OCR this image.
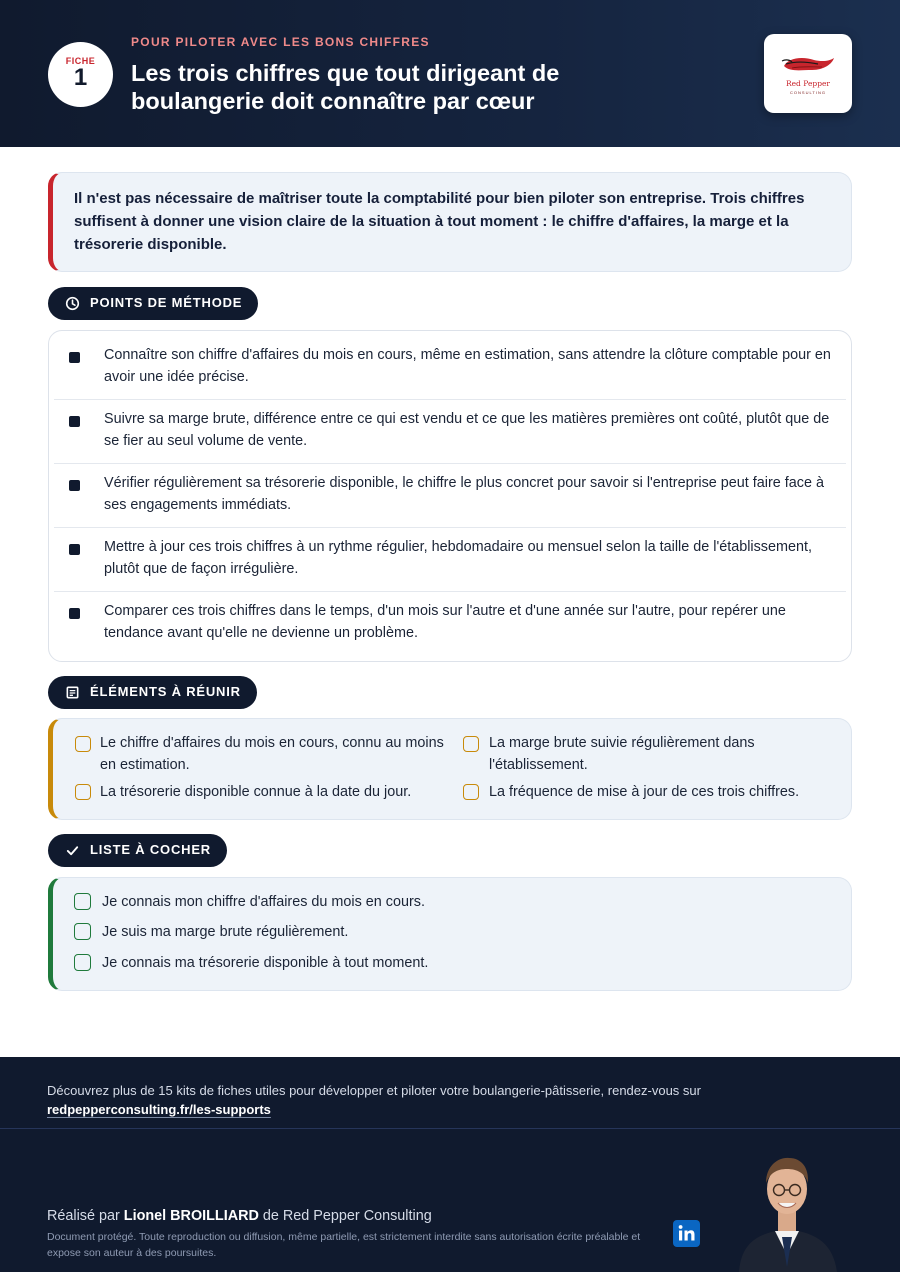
FICHE
1
POUR PILOTER AVEC LES BONS CHIFFRES
Les trois chiffres que tout dirigeant de boulangerie doit connaître par cœur
Red Pepper
CONSULTING

Il n'est pas nécessaire de maîtriser toute la comptabilité pour bien piloter son entreprise. Trois chiffres suffisent à donner une vision claire de la situation à tout moment : le chiffre d'affaires, la marge et la trésorerie disponible.

POINTS DE MÉTHODE
Connaître son chiffre d'affaires du mois en cours, même en estimation, sans attendre la clôture comptable pour en avoir une idée précise.
Suivre sa marge brute, différence entre ce qui est vendu et ce que les matières premières ont coûté, plutôt que de se fier au seul volume de vente.
Vérifier régulièrement sa trésorerie disponible, le chiffre le plus concret pour savoir si l'entreprise peut faire face à ses engagements immédiats.
Mettre à jour ces trois chiffres à un rythme régulier, hebdomadaire ou mensuel selon la taille de l'établissement, plutôt que de façon irrégulière.
Comparer ces trois chiffres dans le temps, d'un mois sur l'autre et d'une année sur l'autre, pour repérer une tendance avant qu'elle ne devienne un problème.
ÉLÉMENTS À RÉUNIR
Le chiffre d'affaires du mois en cours, connu au moins en estimation.
La marge brute suivie régulièrement dans l'établissement.
La trésorerie disponible connue à la date du jour.	La fréquence de mise à jour de ces trois chiffres.
LISTE À COCHER
Je connais mon chiffre d'affaires du mois en cours.
Je suis ma marge brute régulièrement.
Je connais ma trésorerie disponible à tout moment.
Découvrez plus de 15 kits de fiches utiles pour développer et piloter votre boulangerie-pâtisserie, rendez-vous sur
redpepperconsulting.fr/les-supports
Réalisé par Lionel BROILLIARD de Red Pepper Consulting
Document protégé. Toute reproduction ou diffusion, même partielle, est strictement interdite sans autorisation écrite préalable et expose son auteur à des poursuites.
